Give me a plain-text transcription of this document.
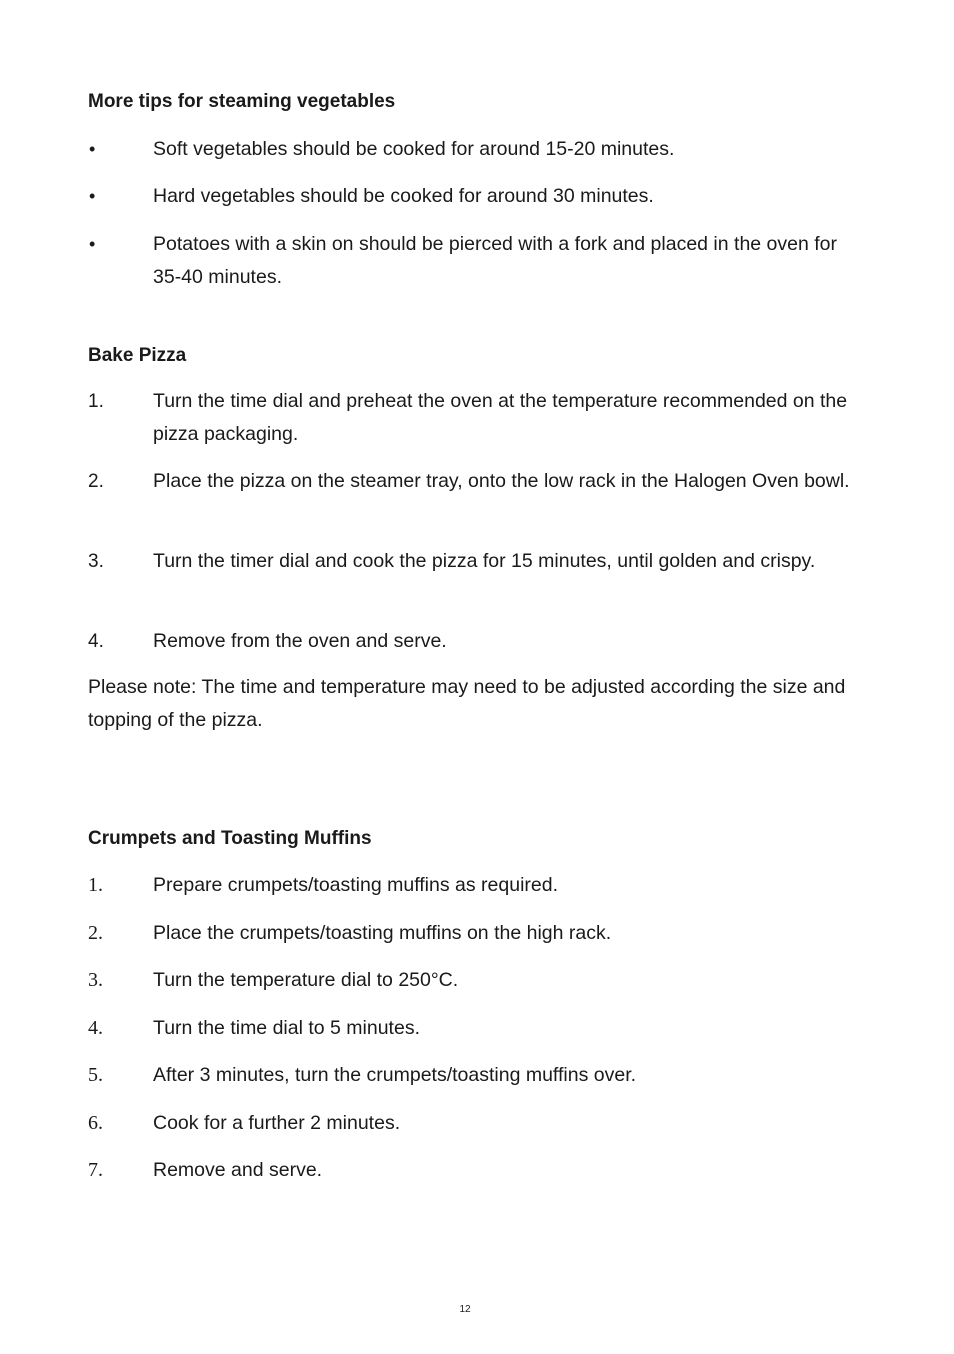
More tips for steaming vegetables
•	Soft vegetables should be cooked for around 15-20 minutes.
•	Hard vegetables should be cooked for around 30 minutes.
•	Potatoes with a skin on should be pierced with a fork and placed in the oven for 35-40 minutes.
Bake Pizza
1.	Turn the time dial and preheat the oven at the temperature recommended on the pizza packaging.
2.	Place the pizza on the steamer tray, onto the low rack in the Halogen Oven bowl.
3.	Turn the timer dial and cook the pizza for 15 minutes, until golden and crispy.
4.	Remove from the oven and serve.
Please note: The time and temperature may need to be adjusted according the size and topping of the pizza.
Crumpets and Toasting Muffins
1.	Prepare crumpets/toasting muffins as required.
2.	Place the crumpets/toasting muffins on the high rack.
3.	Turn the temperature dial to 250°C.
4.	Turn the time dial to 5 minutes.
5.	After 3 minutes, turn the crumpets/toasting muffins over.
6.	Cook for a further 2 minutes.
7.	Remove and serve.
12
